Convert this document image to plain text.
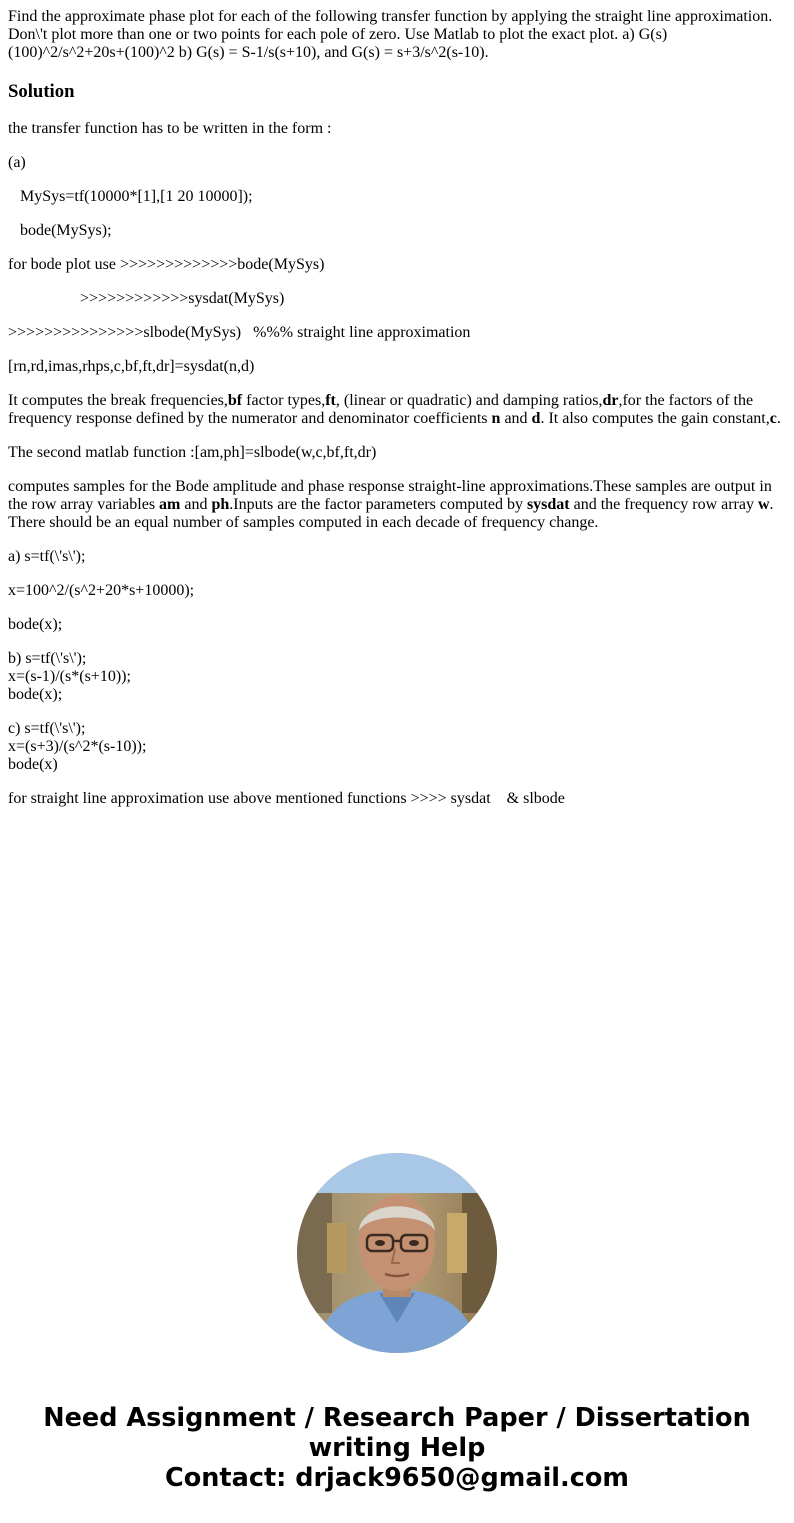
Find the approximate phase plot for each of the following transfer function by applying the straight line approximation. Don\'t plot more than one or two points for each pole of zero. Use Matlab to plot the exact plot. a) G(s) (100)^2/s^2+20s+(100)^2 b) G(s) = S-1/s(s+10), and G(s) = s+3/s^2(s-10).
Solution

the transfer function has to be written in the form :

(a)

MySys=tf(10000*[1],[1 20 10000]);

bode(MySys);

for bode plot use >>>>>>>>>>>>>bode(MySys)

>>>>>>>>>>>>sysdat(MySys)

>>>>>>>>>>>>>>>slbode(MySys)   %%% straight line approximation

[rn,rd,imas,rhps,c,bf,ft,dr]=sysdat(n,d)

It computes the break frequencies,bf factor types,ft, (linear or quadratic) and damping ratios,dr,for the factors of the frequency response defined by the numerator and denominator coefficients n and d. It also computes the gain constant,c.

The second matlab function :[am,ph]=slbode(w,c,bf,ft,dr)

computes samples for the Bode amplitude and phase response straight-line approximations.These samples are output in the row array variables am and ph.Inputs are the factor parameters computed by sysdat and the frequency row array w. There should be an equal number of samples computed in each decade of frequency change.

a) s=tf(\'s\');

x=100^2/(s^2+20*s+10000);

bode(x);

b) s=tf(\'s\');
x=(s-1)/(s*(s+10));
bode(x);
c) s=tf(\'s\');
x=(s+3)/(s^2*(s-10));
bode(x)

for straight line approximation use above mentioned functions >>>> sysdat    & slbode

Need Assignment / Research Paper / Dissertation
writing Help
Contact: drjack9650@gmail.com
